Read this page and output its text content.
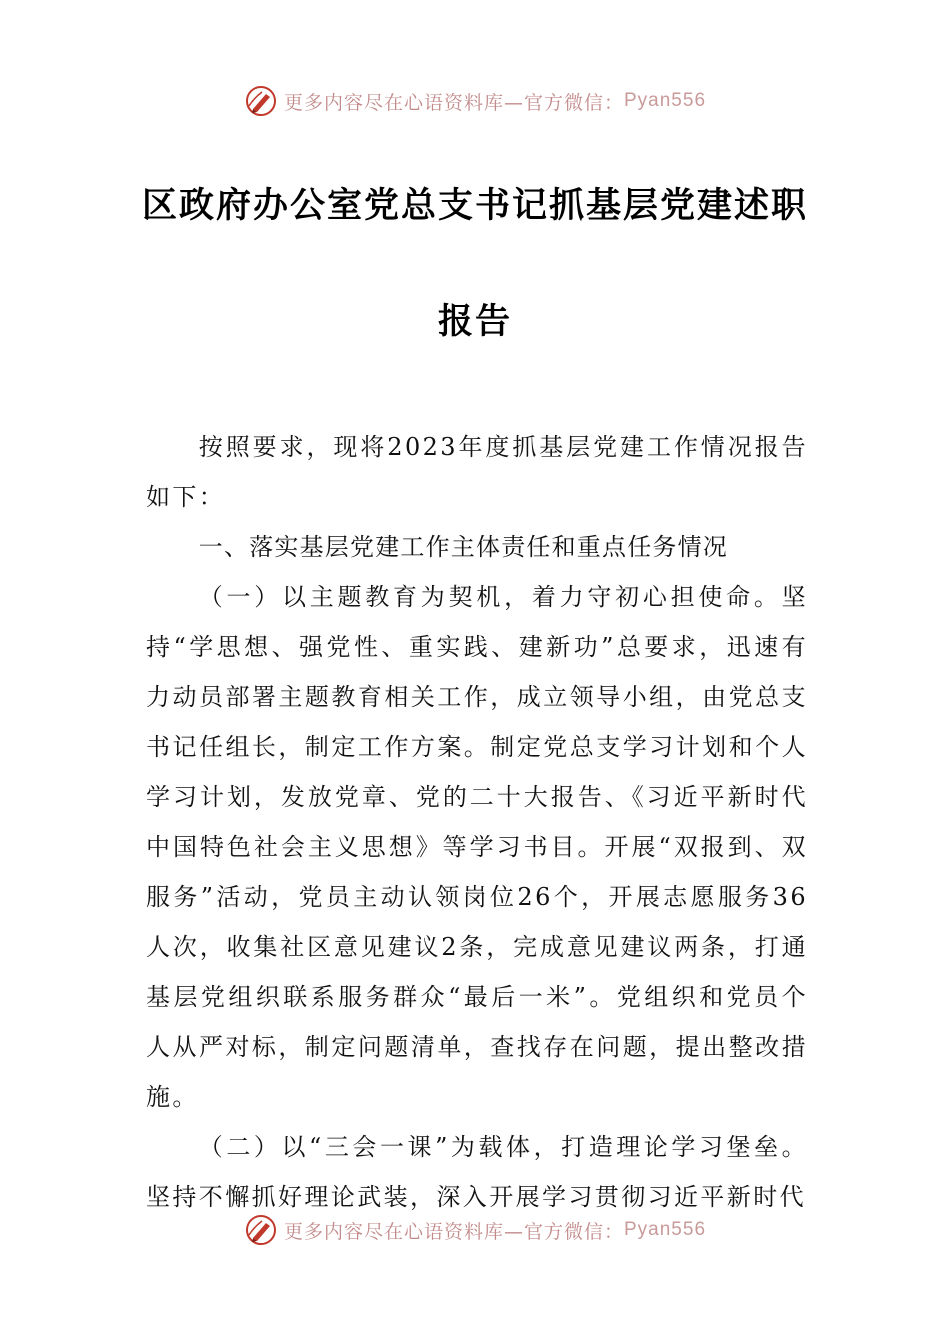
更多内容尽在心语资料库—官方微信： Pyan556
区政府办公室党总支书记抓基层党建述职
报告

按照要求，现将2023年度抓基层党建工作情况报告如下：

一、落实基层党建工作主体责任和重点任务情况

（一）以主题教育为契机，着力守初心担使命。坚持“学思想、强党性、重实践、建新功”总要求，迅速有力动员部署主题教育相关工作，成立领导小组，由党总支书记任组长，制定工作方案。制定党总支学习计划和个人学习计划，发放党章、党的二十大报告、《习近平新时代中国特色社会主义思想》等学习书目。开展“双报到、双服务”活动，党员主动认领岗位26个，开展志愿服务36人次，收集社区意见建议2条，完成意见建议两条，打通基层党组织联系服务群众“最后一米”。党组织和党员个人从严对标，制定问题清单，查找存在问题，提出整改措施。

（二）以“三会一课”为载体，打造理论学习堡垒。坚持不懈抓好理论武装，深入开展学习贯彻习近平新时代

更多内容尽在心语资料库—官方微信： Pyan556
